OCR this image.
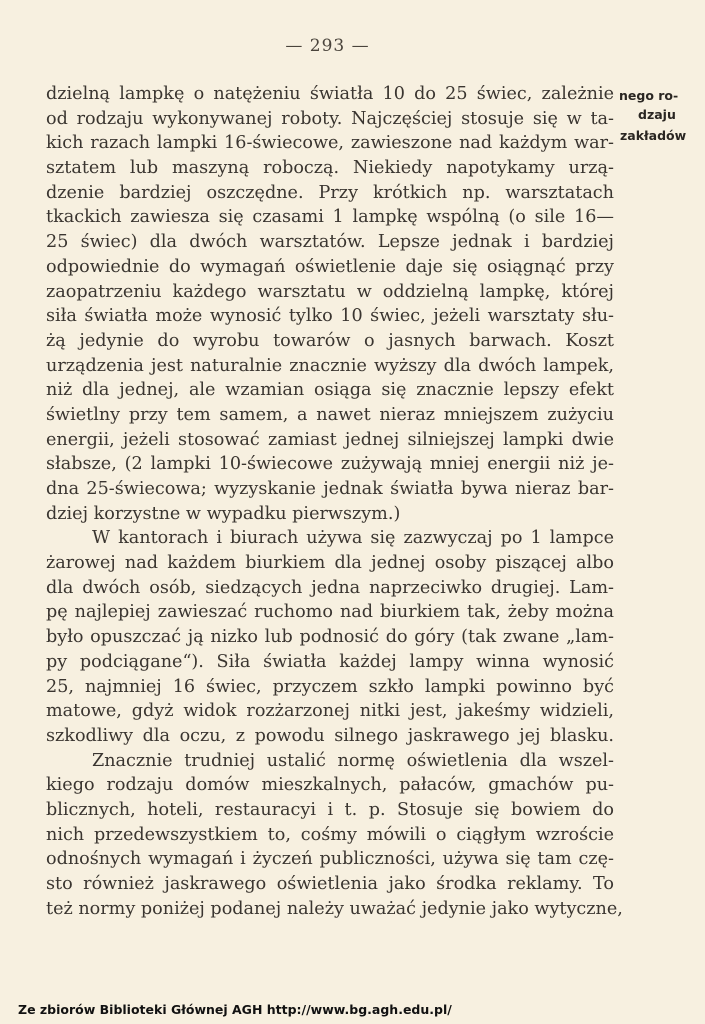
— 293 —
dzielną lampkę o natężeniu światła 10 do 25 świec, zależnie
od rodzaju wykonywanej roboty. Najczęściej stosuje się w ta-
kich razach lampki 16-świecowe, zawieszone nad każdym war-
sztatem lub maszyną roboczą. Niekiedy napotykamy urzą-
dzenie bardziej oszczędne. Przy krótkich np. warsztatach
tkackich zawiesza się czasami 1 lampkę wspólną (o sile 16—
25 świec) dla dwóch warsztatów. Lepsze jednak i bardziej
odpowiednie do wymagań oświetlenie daje się osiągnąć przy
zaopatrzeniu każdego warsztatu w oddzielną lampkę, której
siła światła może wynosić tylko 10 świec, jeżeli warsztaty słu-
żą jedynie do wyrobu towarów o jasnych barwach. Koszt
urządzenia jest naturalnie znacznie wyższy dla dwóch lampek,
niż dla jednej, ale wzamian osiąga się znacznie lepszy efekt
świetlny przy tem samem, a nawet nieraz mniejszem zużyciu
energii, jeżeli stosować zamiast jednej silniejszej lampki dwie
słabsze, (2 lampki 10-świecowe zużywają mniej energii niż je-
dna 25-świecowa; wyzyskanie jednak światła bywa nieraz bar-
dziej korzystne w wypadku pierwszym.)
W kantorach i biurach używa się zazwyczaj po 1 lampce
żarowej nad każdem biurkiem dla jednej osoby piszącej albo
dla dwóch osób, siedzących jedna naprzeciwko drugiej. Lam-
pę najlepiej zawieszać ruchomo nad biurkiem tak, żeby można
było opuszczać ją nizko lub podnosić do góry (tak zwane „lam-
py podciągane“). Siła światła każdej lampy winna wynosić
25, najmniej 16 świec, przyczem szkło lampki powinno być
matowe, gdyż widok rozżarzonej nitki jest, jakeśmy widzieli,
szkodliwy dla oczu, z powodu silnego jaskrawego jej blasku.
Znacznie trudniej ustalić normę oświetlenia dla wszel-
kiego rodzaju domów mieszkalnych, pałaców, gmachów pu-
blicznych, hoteli, restauracyi i t. p. Stosuje się bowiem do
nich przedewszystkiem to, cośmy mówili o ciągłym wzroście
odnośnych wymagań i życzeń publiczności, używa się tam czę-
sto również jaskrawego oświetlenia jako środka reklamy. To
też normy poniżej podanej należy uważać jedynie jako wytyczne,
nego ro-
dzaju
zakładów
Ze zbiorów Biblioteki Głównej AGH http://www.bg.agh.edu.pl/
